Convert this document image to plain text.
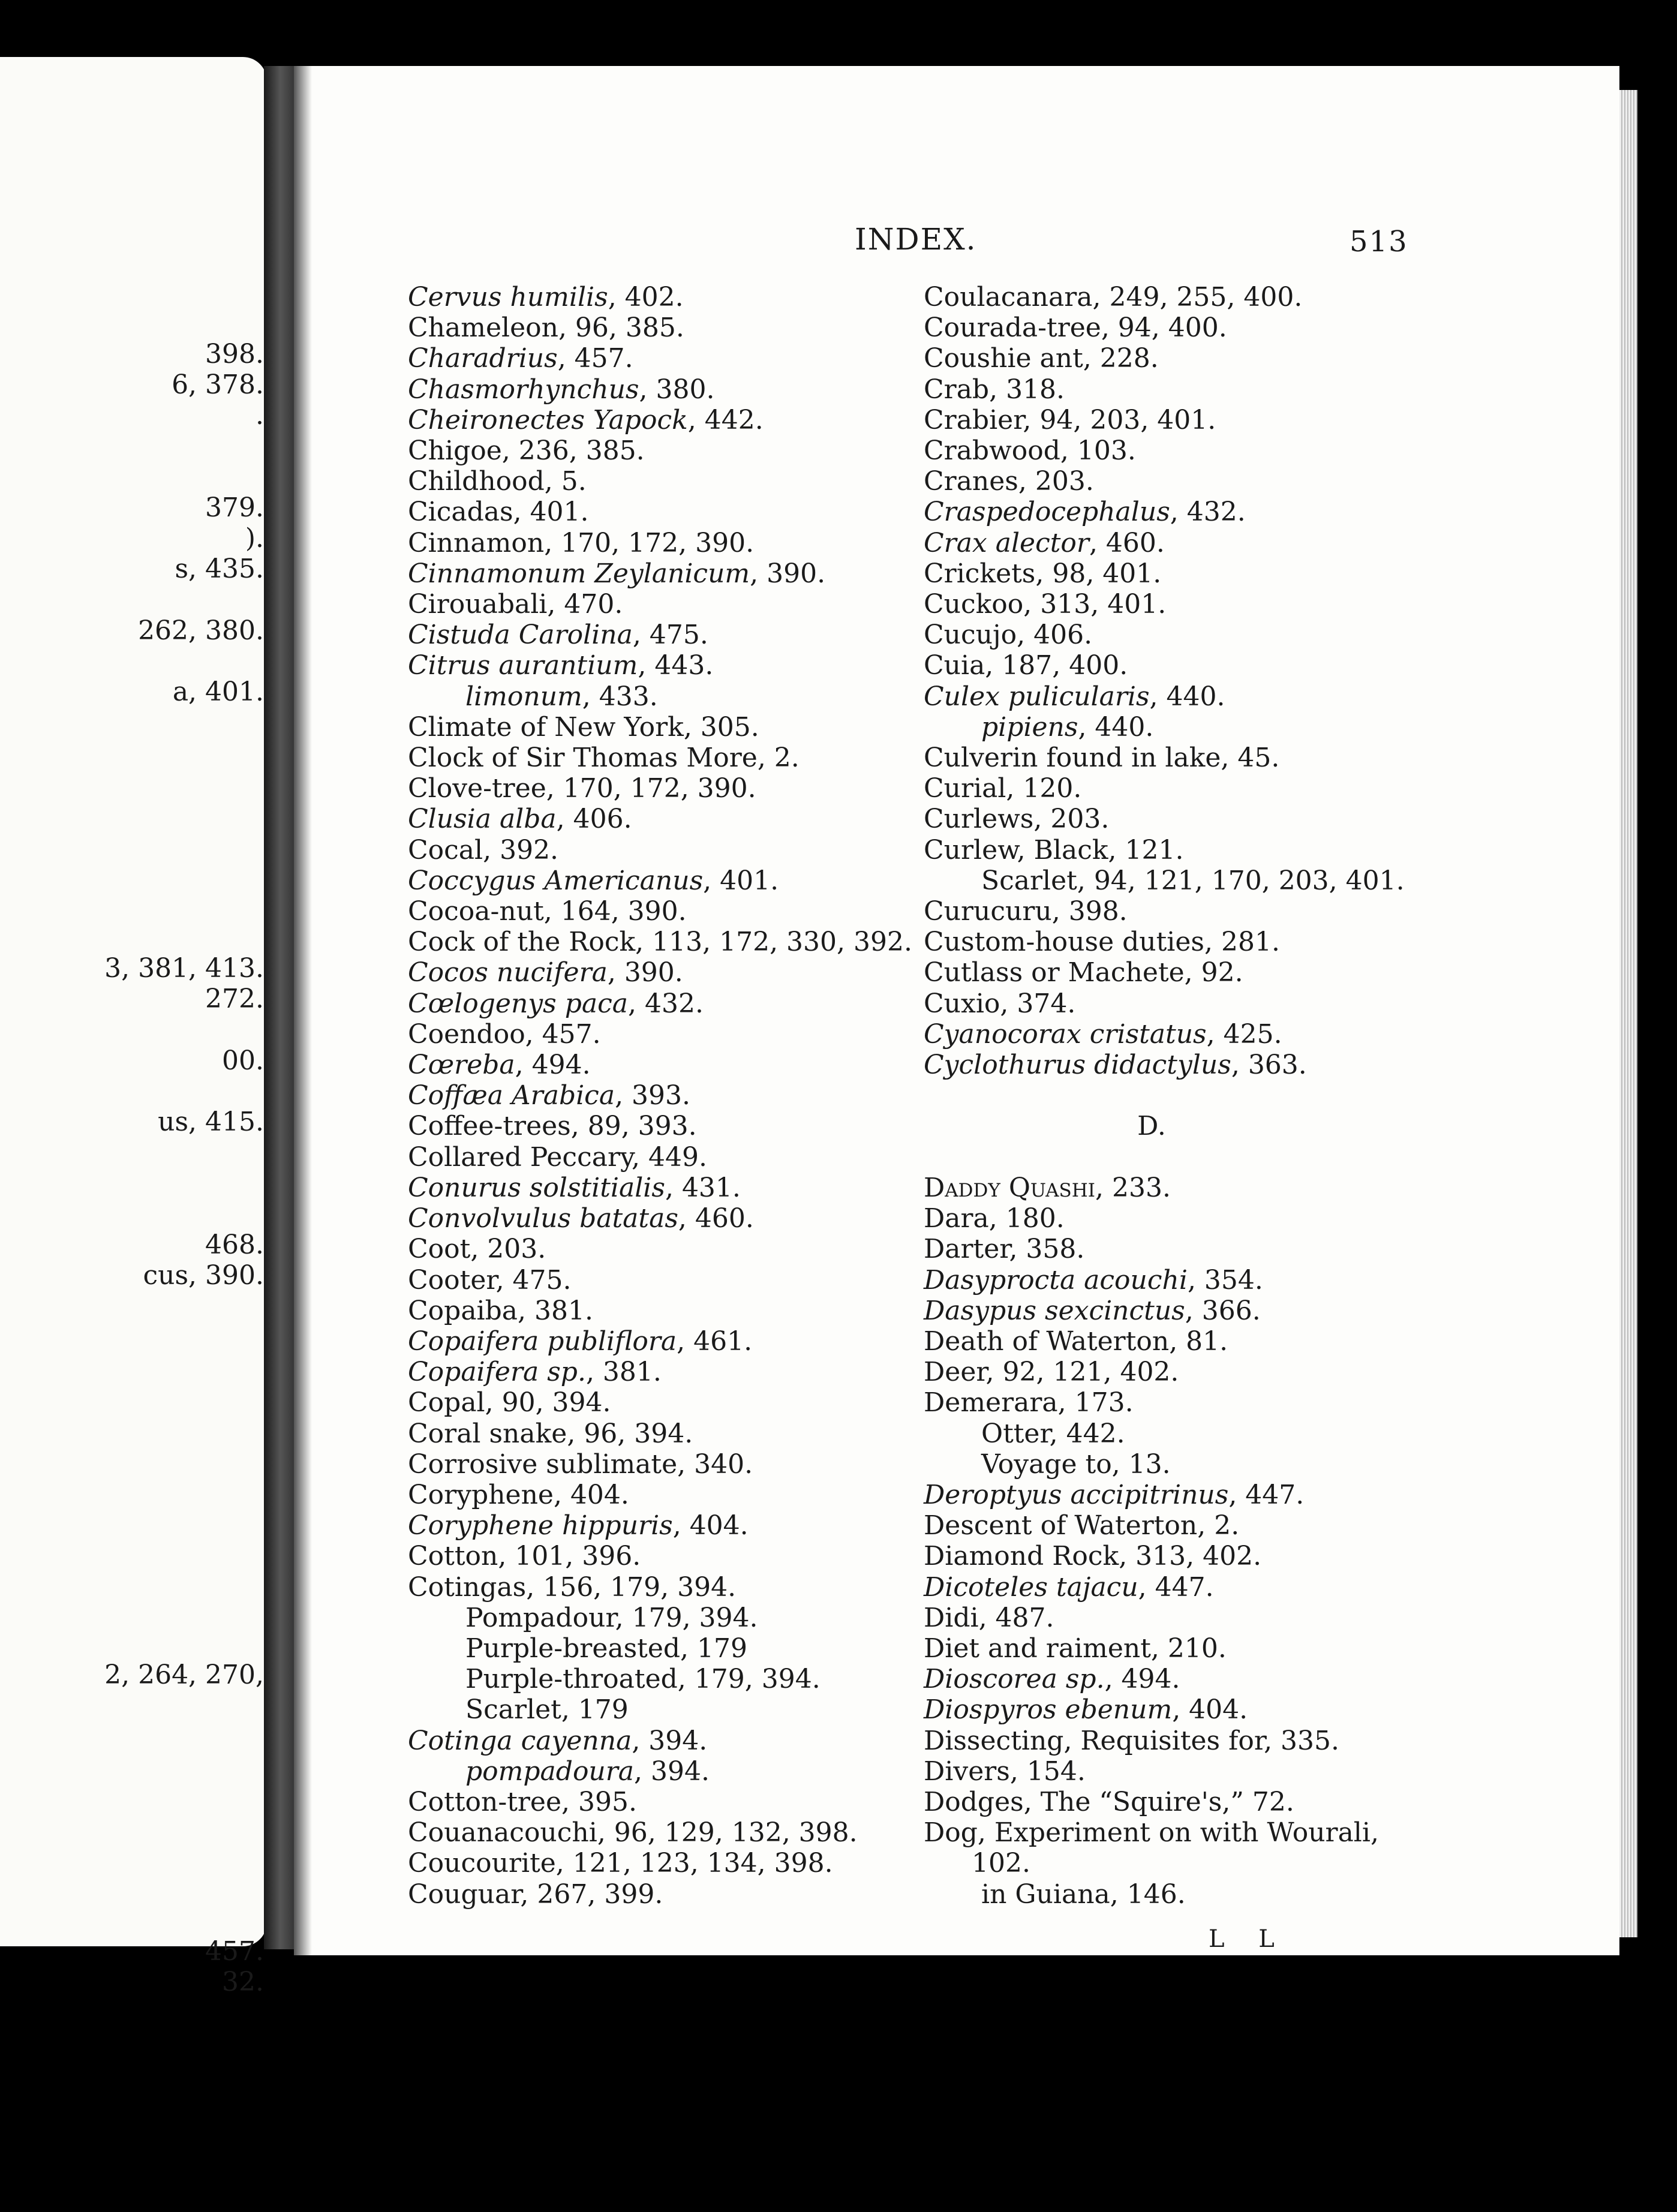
398.
6, 378.
.

379.
).
s, 435.

262, 380.

a, 401.

3, 381, 413.
272.

00.

us, 415.

468.
cus, 390.

2, 264, 270,

457.
32.
INDEX.	513
Cervus humilis, 402.
Chameleon, 96, 385.
Charadrius, 457.
Chasmorhynchus, 380.
Cheironectes Yapock, 442.
Chigoe, 236, 385.
Childhood, 5.
Cicadas, 401.
Cinnamon, 170, 172, 390.
Cinnamonum Zeylanicum, 390.
Cirouabali, 470.
Cistuda Carolina, 475.
Citrus aurantium, 443.
limonum, 433.
Climate of New York, 305.
Clock of Sir Thomas More, 2.
Clove-tree, 170, 172, 390.
Clusia alba, 406.
Cocal, 392.
Coccygus Americanus, 401.
Cocoa-nut, 164, 390.
Cock of the Rock, 113, 172, 330, 392.
Cocos nucifera, 390.
Cœlogenys paca, 432.
Coendoo, 457.
Cœreba, 494.
Coffæa Arabica, 393.
Coffee-trees, 89, 393.
Collared Peccary, 449.
Conurus solstitialis, 431.
Convolvulus batatas, 460.
Coot, 203.
Cooter, 475.
Copaiba, 381.
Copaifera publiflora, 461.
Copaifera sp., 381.
Copal, 90, 394.
Coral snake, 96, 394.
Corrosive sublimate, 340.
Coryphene, 404.
Coryphene hippuris, 404.
Cotton, 101, 396.
Cotingas, 156, 179, 394.
Pompadour, 179, 394.
Purple-breasted, 179
Purple-throated, 179, 394.
Scarlet, 179
Cotinga cayenna, 394.
pompadoura, 394.
Cotton-tree, 395.
Couanacouchi, 96, 129, 132, 398.
Coucourite, 121, 123, 134, 398.
Couguar, 267, 399.
Coulacanara, 249, 255, 400.
Courada-tree, 94, 400.
Coushie ant, 228.
Crab, 318.
Crabier, 94, 203, 401.
Crabwood, 103.
Cranes, 203.
Craspedocephalus, 432.
Crax alector, 460.
Crickets, 98, 401.
Cuckoo, 313, 401.
Cucujo, 406.
Cuia, 187, 400.
Culex pulicularis, 440.
pipiens, 440.
Culverin found in lake, 45.
Curial, 120.
Curlews, 203.
Curlew, Black, 121.
Scarlet, 94, 121, 170, 203, 401.
Curucuru, 398.
Custom-house duties, 281.
Cutlass or Machete, 92.
Cuxio, 374.
Cyanocorax cristatus, 425.
Cyclothurus didactylus, 363.

D.

Daddy Quashi, 233.
Dara, 180.
Darter, 358.
Dasyprocta acouchi, 354.
Dasypus sexcinctus, 366.
Death of Waterton, 81.
Deer, 92, 121, 402.
Demerara, 173.
Otter, 442.
Voyage to, 13.
Deroptyus accipitrinus, 447.
Descent of Waterton, 2.
Diamond Rock, 313, 402.
Dicoteles tajacu, 447.
Didi, 487.
Diet and raiment, 210.
Dioscorea sp., 494.
Diospyros ebenum, 404.
Dissecting, Requisites for, 335.
Divers, 154.
Dodges, The “Squire's,” 72.
Dog, Experiment on with Wourali,
102.
in Guiana, 146.
L L
